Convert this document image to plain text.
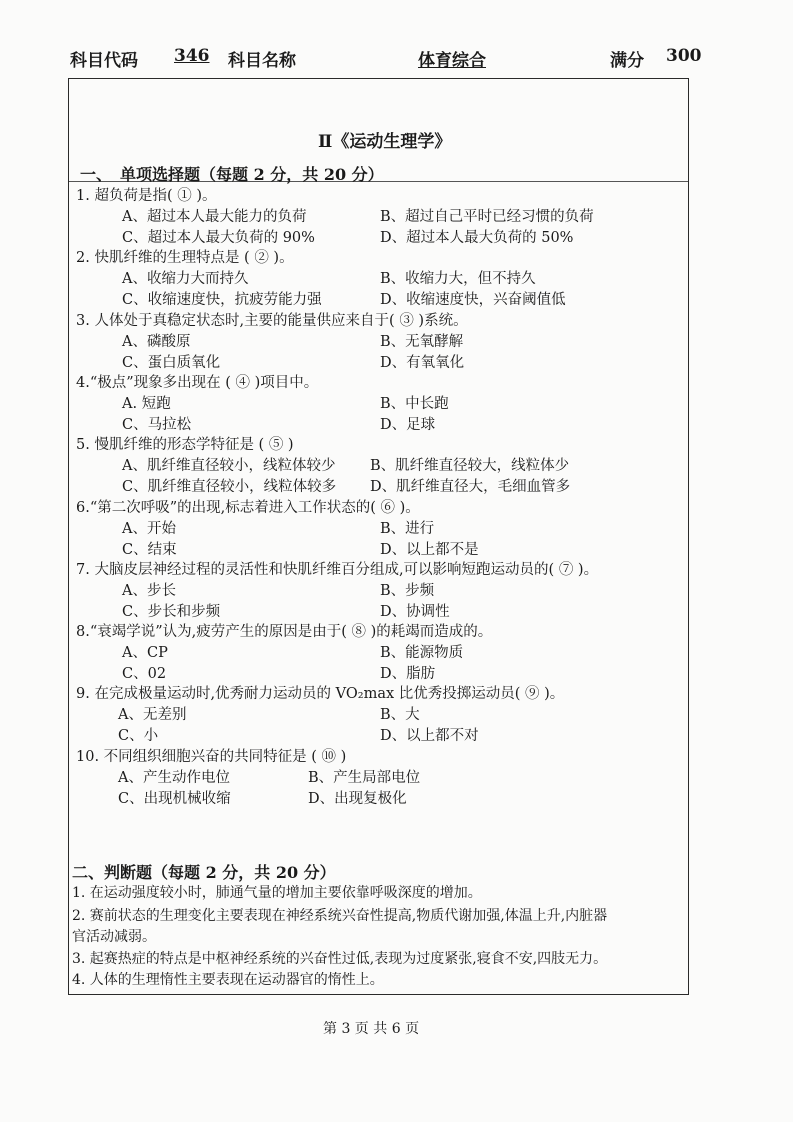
科目代码 346 科目名称	体育综合	满分 300
Ⅱ《运动生理学》
一、　单项选择题（每题 2 分，共 20 分）
1. 超负荷是指( ① )。
A、超过本人最大能力的负荷	B、超过自己平时已经习惯的负荷
C、超过本人最大负荷的 90%	D、超过本人最大负荷的 50%
2. 快肌纤维的生理特点是 ( ② )。
A、收缩力大而持久	B、收缩力大，但不持久
C、收缩速度快，抗疲劳能力强	D、收缩速度快，兴奋阈值低
3. 人体处于真稳定状态时,主要的能量供应来自于( ③ )系统。
A、磷酸原	B、无氧酵解
C、蛋白质氧化	D、有氧氧化
4.“极点”现象多出现在 ( ④ )项目中。
A. 短跑	B、中长跑
C、马拉松	D、足球
5. 慢肌纤维的形态学特征是 ( ⑤ )
A、肌纤维直径较小，线粒体较少 B、肌纤维直径较大，线粒体少
C、肌纤维直径较小，线粒体较多 D、肌纤维直径大，毛细血管多
6.“第二次呼吸”的出现,标志着进入工作状态的( ⑥ )。
A、开始	B、进行
C、结束	D、以上都不是
7. 大脑皮层神经过程的灵活性和快肌纤维百分组成,可以影响短跑运动员的( ⑦ )。
A、步长	B、步频
C、步长和步频	D、协调性
8.“衰竭学说”认为,疲劳产生的原因是由于( ⑧ )的耗竭而造成的。
A、CP	B、能源物质
C、02	D、脂肪
9. 在完成极量运动时,优秀耐力运动员的 VO₂max 比优秀投掷运动员( ⑨ )。
A、无差别	B、大
C、小	D、以上都不对
10. 不同组织细胞兴奋的共同特征是 ( ⑩ )
A、产生动作电位	B、产生局部电位
C、出现机械收缩	D、出现复极化
二、判断题（每题 2 分，共 20 分）
1. 在运动强度较小时，肺通气量的增加主要依靠呼吸深度的增加。
2. 赛前状态的生理变化主要表现在神经系统兴奋性提高,物质代谢加强,体温上升,内脏器
官活动减弱。
3. 起赛热症的特点是中枢神经系统的兴奋性过低,表现为过度紧张,寝食不安,四肢无力。
4. 人体的生理惰性主要表现在运动器官的惰性上。
第 3 页 共 6 页
